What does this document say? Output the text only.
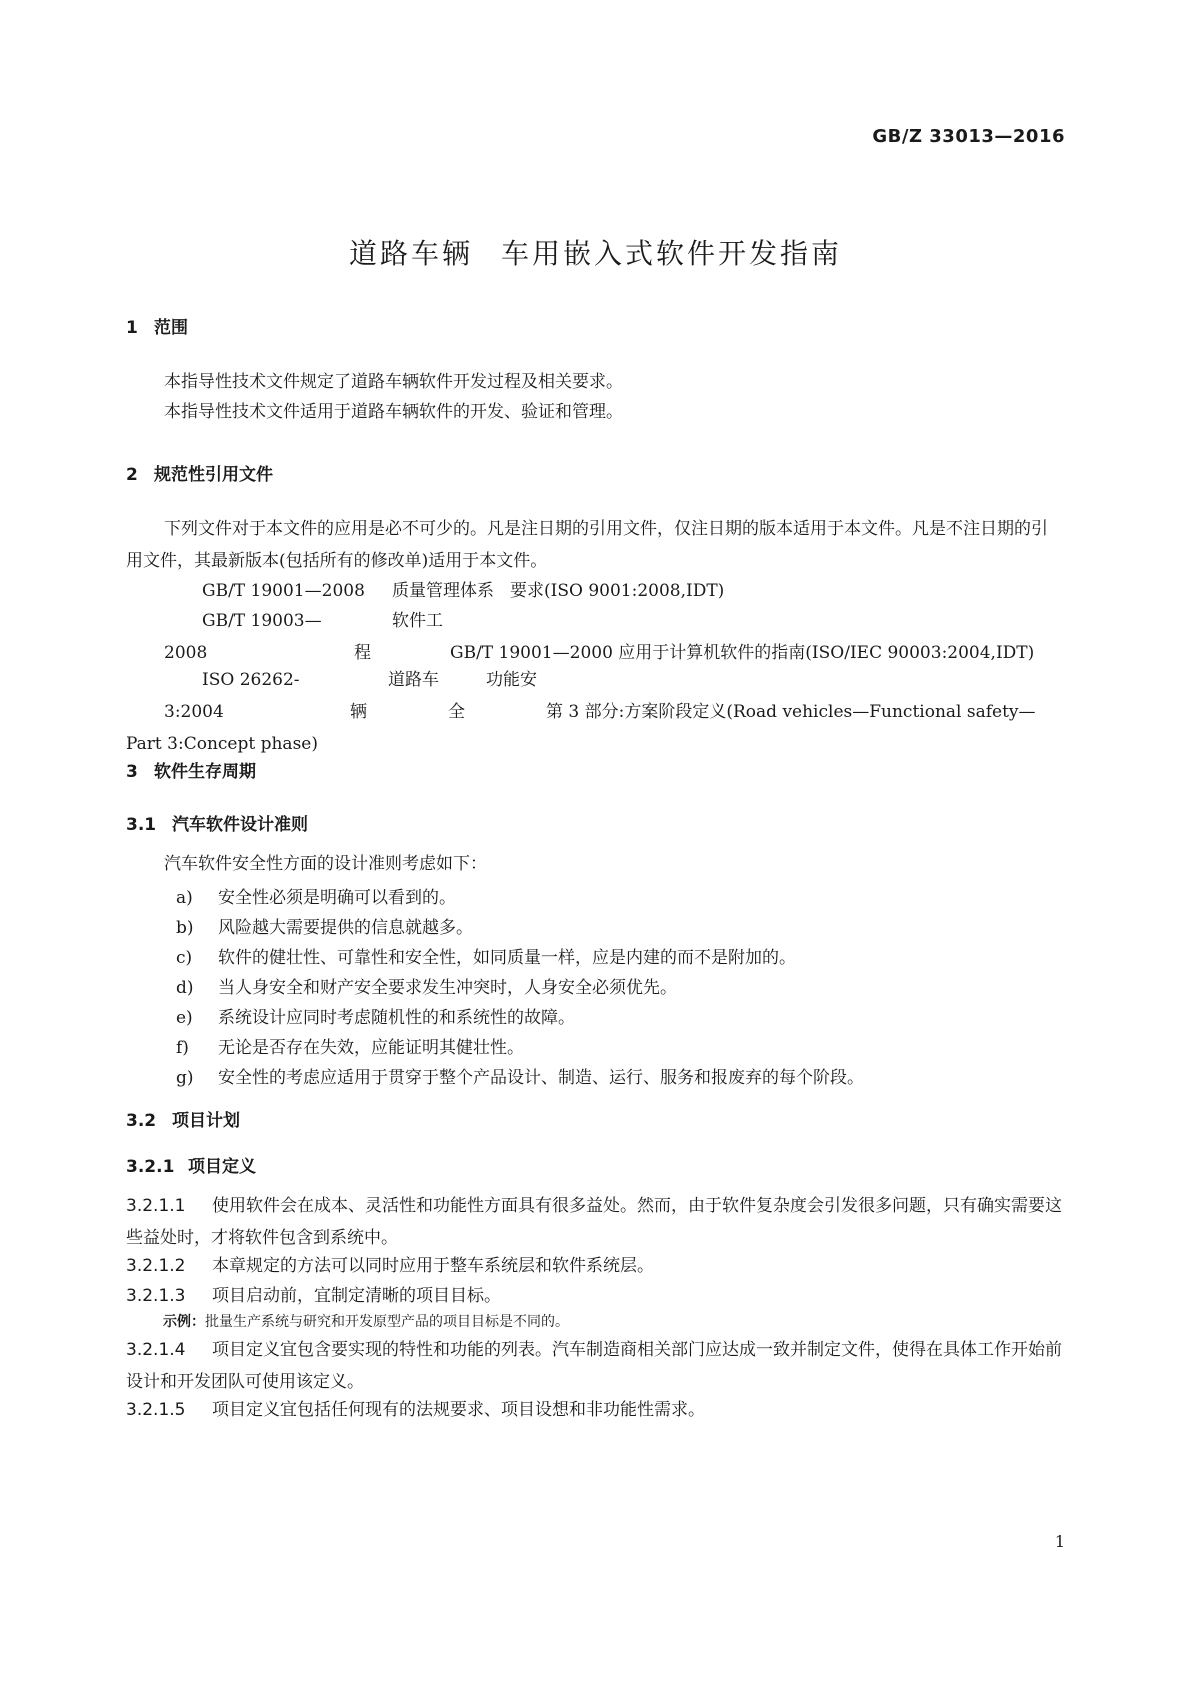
GB/Z 33013—2016
道路车辆 车用嵌入式软件开发指南
1 范围
本指导性技术文件规定了道路车辆软件开发过程及相关要求。
本指导性技术文件适用于道路车辆软件的开发、验证和管理。
2 规范性引用文件
下列文件对于本文件的应用是必不可少的。凡是注日期的引用文件，仅注日期的版本适用于本文件。凡是不注日期的引用文件，其最新版本(包括所有的修改单)适用于本文件。
GB/T 19001—2008 质量管理体系 要求(ISO 9001:2008,IDT)
GB/T 19003—2008软件工程	GB/T 19001—2000 应用于计算机软件的指南(ISO/IEC 90003:2004,IDT)
ISO 26262-3:2004道路车辆功能安全	第 3 部分:方案阶段定义(Road vehicles—Functional safety—Part 3:Concept phase)
3 软件生存周期
3.1 汽车软件设计准则
汽车软件安全性方面的设计准则考虑如下：
a) 安全性必须是明确可以看到的。
b) 风险越大需要提供的信息就越多。
c) 软件的健壮性、可靠性和安全性，如同质量一样，应是内建的而不是附加的。
d) 当人身安全和财产安全要求发生冲突时，人身安全必须优先。
e) 系统设计应同时考虑随机性的和系统性的故障。
f) 无论是否存在失效，应能证明其健壮性。
g) 安全性的考虑应适用于贯穿于整个产品设计、制造、运行、服务和报废弃的每个阶段。
3.2 项目计划
3.2.1 项目定义
3.2.1.1 使用软件会在成本、灵活性和功能性方面具有很多益处。然而，由于软件复杂度会引发很多问题，只有确实需要这些益处时，才将软件包含到系统中。
3.2.1.2 本章规定的方法可以同时应用于整车系统层和软件系统层。
3.2.1.3 项目启动前，宜制定清晰的项目目标。
示例：批量生产系统与研究和开发原型产品的项目目标是不同的。
3.2.1.4 项目定义宜包含要实现的特性和功能的列表。汽车制造商相关部门应达成一致并制定文件，使得在具体工作开始前设计和开发团队可使用该定义。
3.2.1.5 项目定义宜包括任何现有的法规要求、项目设想和非功能性需求。
1
